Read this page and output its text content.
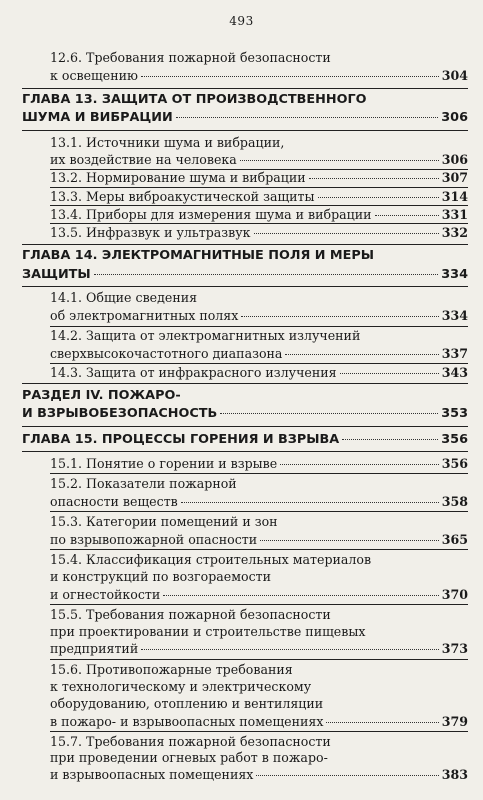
493
12.6. Требования пожарной безопасности
к освещению	304
ГЛАВА 13. ЗАЩИТА ОТ ПРОИЗВОДСТВЕННОГО
ШУМА И ВИБРАЦИИ	306
13.1. Источники шума и вибрации,
их воздействие на человека	306
13.2. Нормирование шума и вибрации	307
13.3. Меры виброакустической защиты	314
13.4. Приборы для измерения шума и вибрации	331
13.5. Инфразвук и ультразвук	332
ГЛАВА 14. ЭЛЕКТРОМАГНИТНЫЕ ПОЛЯ И МЕРЫ
ЗАЩИТЫ	334
14.1. Общие сведения
об электромагнитных полях	334
14.2. Защита от электромагнитных излучений
сверхвысокочастотного диапазона	337
14.3. Защита от инфракрасного излучения	343
РАЗДЕЛ IV. ПОЖАРО-
И ВЗРЫВОБЕЗОПАСНОСТЬ	353
ГЛАВА 15. ПРОЦЕССЫ ГОРЕНИЯ И ВЗРЫВА	356
15.1. Понятие о горении и взрыве	356
15.2. Показатели пожарной
опасности веществ	358
15.3. Категории помещений и зон
по взрывопожарной опасности	365
15.4. Классификация строительных материалов
и конструкций по возгораемости
и огнестойкости	370
15.5. Требования пожарной безопасности
при проектировании и строительстве пищевых
предприятий	373
15.6. Противопожарные требования
к технологическому и электрическому
оборудованию, отоплению и вентиляции
в пожаро- и взрывоопасных помещениях	379
15.7. Требования пожарной безопасности
при проведении огневых работ в пожаро-
и взрывоопасных помещениях	383
